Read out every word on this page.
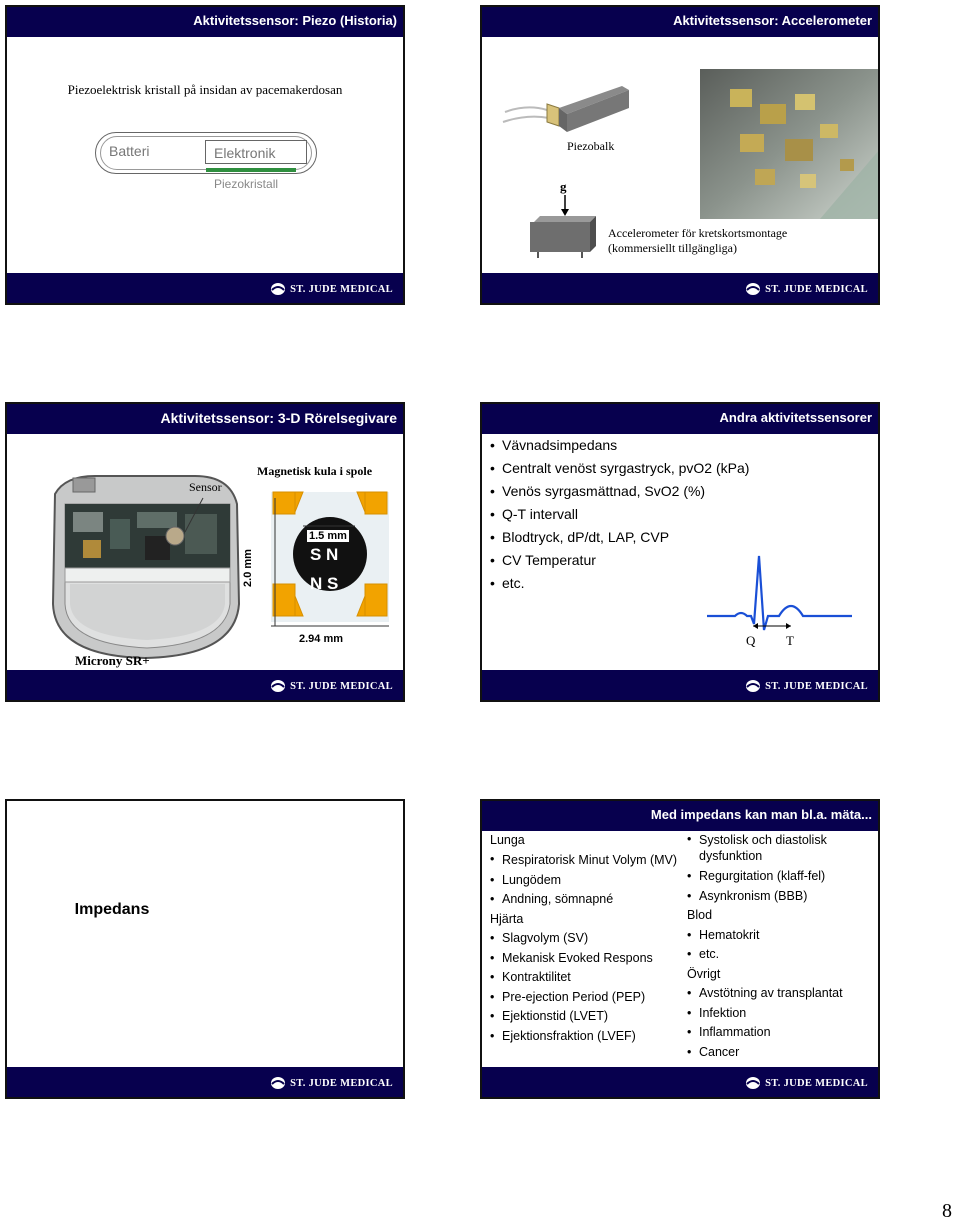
Aktivitetssensor: Piezo (Historia)
Piezoelektrisk kristall på insidan av pacemakerdosan
Batteri	Elektronik
Piezokristall
ST. JUDE MEDICAL
Aktivitetssensor: Accelerometer
Piezobalk
g
Accelerometer för kretskortsmontage
(kommersiellt tillgängliga)
ST. JUDE MEDICAL
Aktivitetssensor: 3-D Rörelsegivare
Sensor
Magnetisk kula i spole
1.5 mm
S N
N S
2.0 mm
2.94 mm
Microny SR+
ST. JUDE MEDICAL
Andra aktivitetssensorer
• Vävnadsimpedans
• Centralt venöst syrgastryck, pvO2 (kPa)
• Venös syrgasmättnad, SvO2 (%)
• Q-T intervall
• Blodtryck, dP/dt, LAP, CVP
• CV Temperatur
• etc.
Q T
ST. JUDE MEDICAL
Impedans
ST. JUDE MEDICAL
Med impedans kan man bl.a. mäta...
Lunga
• Respiratorisk Minut Volym (MV)
• Lungödem
• Andning, sömnapné
Hjärta
• Slagvolym (SV)
• Mekanisk Evoked Respons
• Kontraktilitet
• Pre-ejection Period (PEP)
• Ejektionstid (LVET)
• Ejektionsfraktion (LVEF)
• Systolisk och diastolisk dysfunktion
• Regurgitation (klaff-fel)
• Asynkronism (BBB)
Blod
• Hematokrit
• etc.
Övrigt
• Avstötning av transplantat
• Infektion
• Inflammation
• Cancer
ST. JUDE MEDICAL
8
